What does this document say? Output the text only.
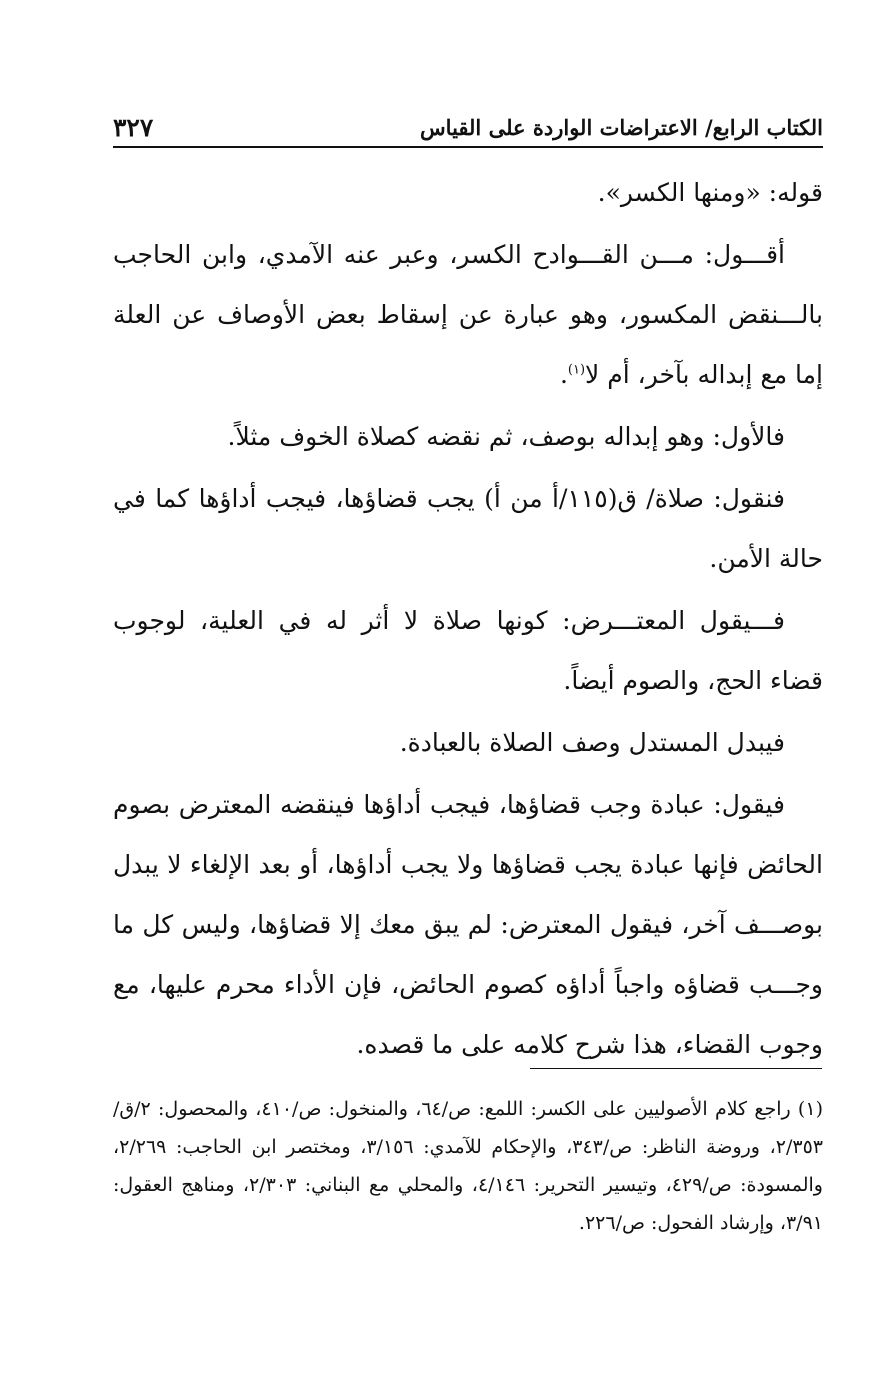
الكتاب الرابع/ الاعتراضات الواردة على القياس
٣٢٧

قوله: «ومنها الكسر».

أقـــول: مـــن القـــوادح الكسر، وعبر عنه الآمدي، وابن الحاجب بالـــنقض المكسور، وهو عبارة عن إسقاط بعض الأوصاف عن العلة إما مع إبداله بآخر، أم لا$^{(١)}$.

فالأول: وهو إبداله بوصف، ثم نقضه كصلاة الخوف مثلاً.

فنقول: صلاة/ ق(١١٥/أ من أ) يجب قضاؤها، فيجب أداؤها كما في حالة الأمن.

فـــيقول المعتـــرض: كونها صلاة لا أثر له في العلية، لوجوب قضاء الحج، والصوم أيضاً.

فيبدل المستدل وصف الصلاة بالعبادة.

فيقول: عبادة وجب قضاؤها، فيجب أداؤها فينقضه المعترض بصوم الحائض فإنها عبادة يجب قضاؤها ولا يجب أداؤها، أو بعد الإلغاء لا يبدل بوصـــف آخر، فيقول المعترض: لم يبق معك إلا قضاؤها، وليس كل ما وجـــب قضاؤه واجباً أداؤه كصوم الحائض، فإن الأداء محرم عليها، مع وجوب القضاء، هذا شرح كلامه على ما قصده.

(١) راجع كلام الأصوليين على الكسر: اللمع: ص/٦٤، والمنخول: ص/٤١٠، والمحصول: ٢/ق/٢/٣٥٣، وروضة الناظر: ص/٣٤٣، والإحكام للآمدي: ٣/١٥٦، ومختصر ابن الحاجب: ٢/٢٦٩، والمسودة: ص/٤٢٩، وتيسير التحرير: ٤/١٤٦، والمحلي مع البناني: ٢/٣٠٣، ومناهج العقول: ٣/٩١، وإرشاد الفحول: ص/٢٢٦.
